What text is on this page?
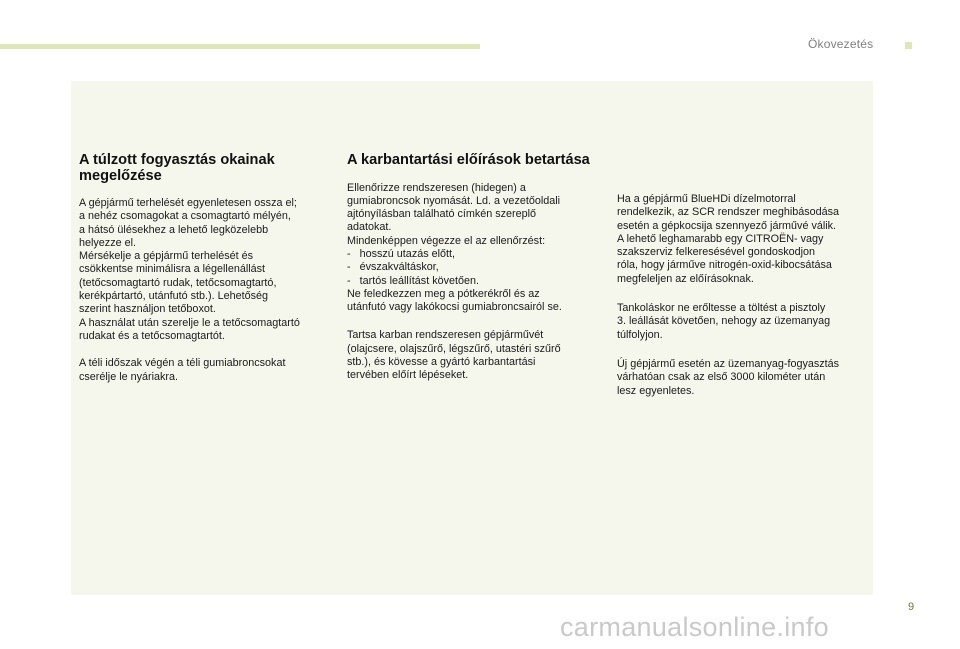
Ökovezetés
A túlzott fogyasztás okainak megelőzése

A gépjármű terhelését egyenletesen ossza el;
a nehéz csomagokat a csomagtartó mélyén,
a hátsó ülésekhez a lehető legközelebb
helyezze el.
Mérsékelje a gépjármű terhelését és
csökkentse minimálisra a légellenállást
(tetőcsomagtartó rudak, tetőcsomagtartó,
kerékpártartó, utánfutó stb.). Lehetőség
szerint használjon tetőboxot.
A használat után szerelje le a tetőcsomagtartó
rudakat és a tetőcsomagtartót.

A téli időszak végén a téli gumiabroncsokat
cserélje le nyáriakra.

A karbantartási előírások betartása

Ellenőrizze rendszeresen (hidegen) a
gumiabroncsok nyomását. Ld. a vezetőoldali
ajtónyílásban található címkén szereplő
adatokat.
Mindenképpen végezze el az ellenőrzést:
-   hosszú utazás előtt,
-   évszakváltáskor,
-   tartós leállítást követően.
Ne feledkezzen meg a pótkerékről és az
utánfutó vagy lakókocsi gumiabroncsairól se.

Tartsa karban rendszeresen gépjárművét
(olajcsere, olajszűrő, légszűrő, utastéri szűrő
stb.), és kövesse a gyártó karbantartási
tervében előírt lépéseket.

Ha a gépjármű BlueHDi dízelmotorral
rendelkezik, az SCR rendszer meghibásodása
esetén a gépkocsija szennyező járművé válik.
A lehető leghamarabb egy CITROËN- vagy
szakszerviz felkeresésével gondoskodjon
róla, hogy járműve nitrogén-oxid-kibocsátása
megfeleljen az előírásoknak.

Tankoláskor ne erőltesse a töltést a pisztoly
3. leállását követően, nehogy az üzemanyag
túlfolyjon.

Új gépjármű esetén az üzemanyag-fogyasztás
várhatóan csak az első 3000 kilométer után
lesz egyenletes.

9
carmanualsonline.info
